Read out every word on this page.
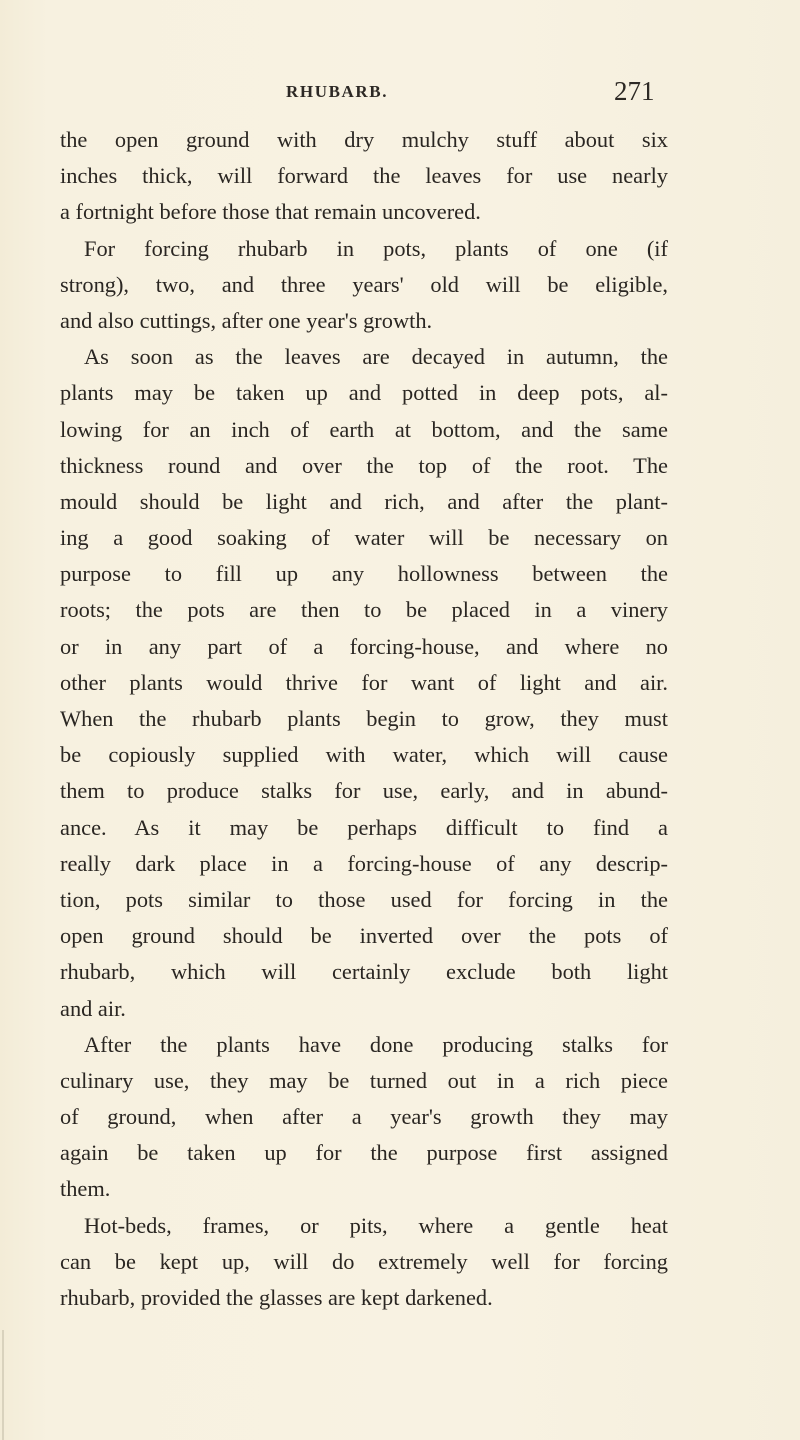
RHUBARB.	271
the open ground with dry mulchy stuff about six
inches thick, will forward the leaves for use nearly
a fortnight before those that remain uncovered.
For forcing rhubarb in pots, plants of one (if
strong), two, and three years' old will be eligible,
and also cuttings, after one year's growth.
As soon as the leaves are decayed in autumn, the
plants may be taken up and potted in deep pots, al-
lowing for an inch of earth at bottom, and the same
thickness round and over the top of the root. The
mould should be light and rich, and after the plant-
ing a good soaking of water will be necessary on
purpose to fill up any hollowness between the
roots; the pots are then to be placed in a vinery
or in any part of a forcing-house, and where no
other plants would thrive for want of light and air.
When the rhubarb plants begin to grow, they must
be copiously supplied with water, which will cause
them to produce stalks for use, early, and in abund-
ance. As it may be perhaps difficult to find a
really dark place in a forcing-house of any descrip-
tion, pots similar to those used for forcing in the
open ground should be inverted over the pots of
rhubarb, which will certainly exclude both light
and air.
After the plants have done producing stalks for
culinary use, they may be turned out in a rich piece
of ground, when after a year's growth they may
again be taken up for the purpose first assigned
them.
Hot-beds, frames, or pits, where a gentle heat
can be kept up, will do extremely well for forcing
rhubarb, provided the glasses are kept darkened.
